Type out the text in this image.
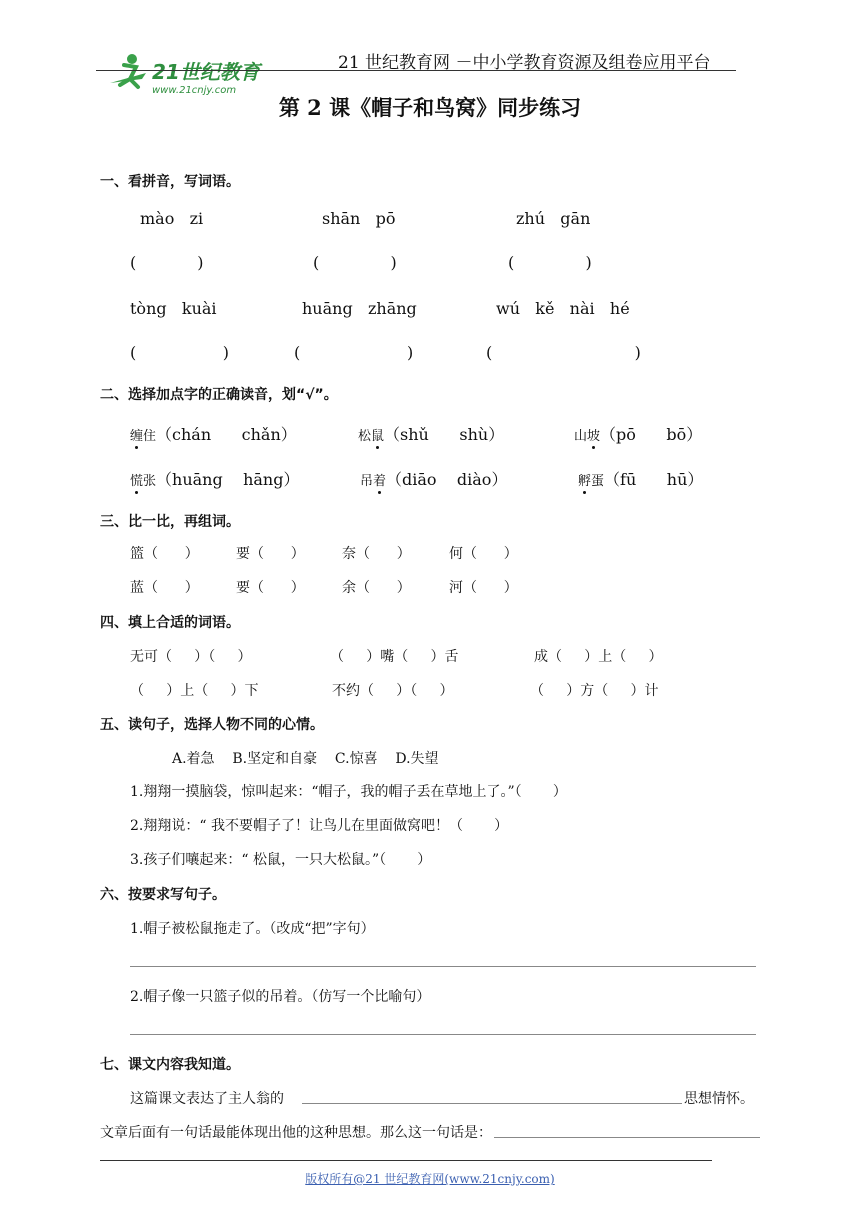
21世纪教育
www.21cnjy.com

21 世纪教育网 －中小学教育资源及组卷应用平台
第 2 课《帽子和鸟窝》同步练习
一、看拼音，写词语。
mào   zi	shān   pō	zhú   gān
(            )	(              )	(              )
tòng   kuài	huāng   zhāng	wú   kě   nài   hé
(                 )	(                     )	(                            )
二、选择加点字的正确读音，划“√”。
缠住（chán      chǎn）	松鼠（shǔ      shù）	山坡（pō      bō）
慌张（huāng    hāng）	吊着（diāo    diào）	孵蛋（fū      hū）
三、比一比，再组词。
篮（      ）	要（      ）	奈（      ）	何（      ）
蓝（      ）	要（      ）	余（      ）	河（      ）
四、填上合适的词语。
无可（     ）（     ）	（     ）嘴（     ）舌	成（     ）上（     ）
（     ）上（     ）下	不约（     ）（     ）	（     ）方（     ）计
五、读句子，选择人物不同的心情。
A.着急    B.坚定和自豪    C.惊喜    D.失望
1.翔翔一摸脑袋，惊叫起来：“帽子，我的帽子丢在草地上了。”（       ）
2.翔翔说：“ 我不要帽子了！让鸟儿在里面做窝吧！（       ）
3.孩子们嚷起来：“ 松鼠，一只大松鼠。”（       ）
六、按要求写句子。
1.帽子被松鼠拖走了。（改成“把”字句）
2.帽子像一只篮子似的吊着。（仿写一个比喻句）
七、课文内容我知道。
这篇课文表达了主人翁的	思想情怀。
文章后面有一句话最能体现出他的这种思想。那么这一句话是：
版权所有@21 世纪教育网(www.21cnjy.com)
